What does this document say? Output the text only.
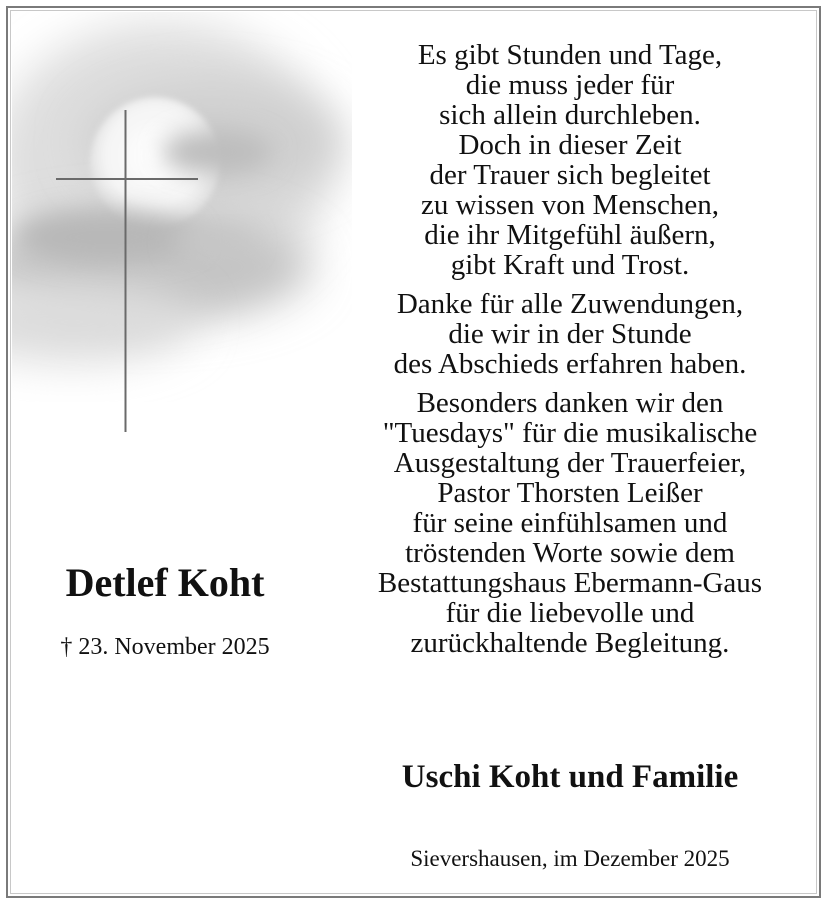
Es gibt Stunden und Tage,
die muss jeder für
sich allein durchleben.
Doch in dieser Zeit
der Trauer sich begleitet
zu wissen von Menschen,
die ihr Mitgefühl äußern,
gibt Kraft und Trost.
Danke für alle Zuwendungen,
die wir in der Stunde
des Abschieds erfahren haben.
Besonders danken wir den
"Tuesdays" für die musikalische
Ausgestaltung der Trauerfeier,
Pastor Thorsten Leißer
für seine einfühlsamen und
tröstenden Worte sowie dem
Bestattungshaus Ebermann-Gaus
für die liebevolle und
zurückhaltende Begleitung.
Detlef Koht
† 23. November 2025
Uschi Koht und Familie
Sievershausen, im Dezember 2025
